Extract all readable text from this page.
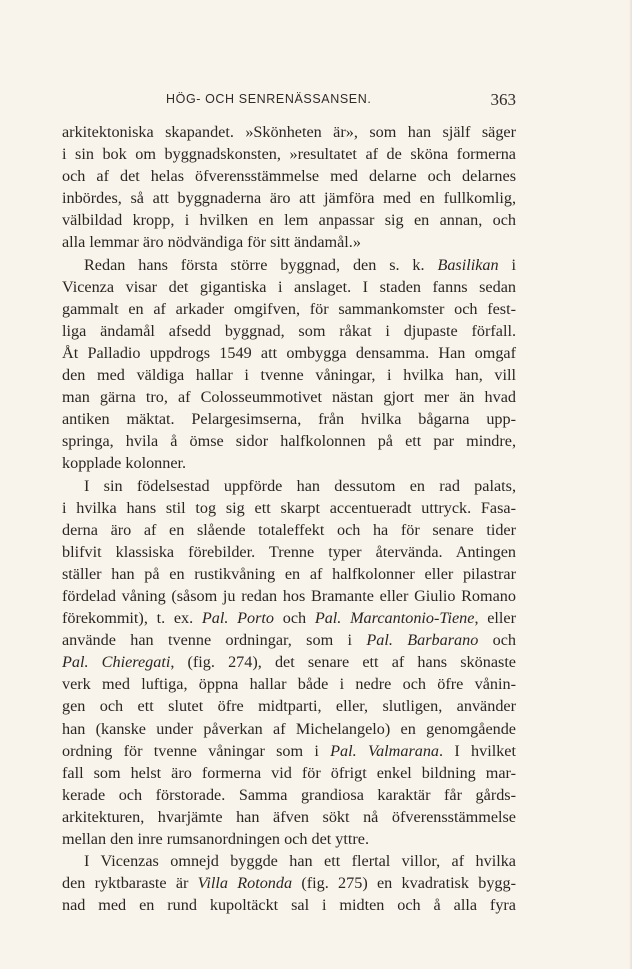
HÖG- OCH SENRENÄSSANSEN.	363
arkitektoniska skapandet. »Skönheten är», som han själf säger
i sin bok om byggnadskonsten, »resultatet af de sköna formerna
och af det helas öfverensstämmelse med delarne och delarnes
inbördes, så att byggnaderna äro att jämföra med en fullkomlig,
välbildad kropp, i hvilken en lem anpassar sig en annan, och
alla lemmar äro nödvändiga för sitt ändamål.»
Redan hans första större byggnad, den s. k. Basilikan i
Vicenza visar det gigantiska i anslaget. I staden fanns sedan
gammalt en af arkader omgifven, för sammankomster och fest-
liga ändamål afsedd byggnad, som råkat i djupaste förfall.
Åt Palladio uppdrogs 1549 att ombygga densamma. Han omgaf
den med väldiga hallar i tvenne våningar, i hvilka han, vill
man gärna tro, af Colosseummotivet nästan gjort mer än hvad
antiken mäktat. Pelargesimserna, från hvilka bågarna upp-
springa, hvila å ömse sidor halfkolonnen på ett par mindre,
kopplade kolonner.
I sin födelsestad uppförde han dessutom en rad palats,
i hvilka hans stil tog sig ett skarpt accentueradt uttryck. Fasa-
derna äro af en slående totaleffekt och ha för senare tider
blifvit klassiska förebilder. Trenne typer återvända. Antingen
ställer han på en rustikvåning en af halfkolonner eller pilastrar
fördelad våning (såsom ju redan hos Bramante eller Giulio Romano
förekommit), t. ex. Pal. Porto och Pal. Marcantonio-Tiene, eller
använde han tvenne ordningar, som i Pal. Barbarano och
Pal. Chieregati, (fig. 274), det senare ett af hans skönaste
verk med luftiga, öppna hallar både i nedre och öfre vånin-
gen och ett slutet öfre midtparti, eller, slutligen, använder
han (kanske under påverkan af Michelangelo) en genomgående
ordning för tvenne våningar som i Pal. Valmarana. I hvilket
fall som helst äro formerna vid för öfrigt enkel bildning mar-
kerade och förstorade. Samma grandiosa karaktär får gårds-
arkitekturen, hvarjämte han äfven sökt nå öfverensstämmelse
mellan den inre rumsanordningen och det yttre.
I Vicenzas omnejd byggde han ett flertal villor, af hvilka
den ryktbaraste är Villa Rotonda (fig. 275) en kvadratisk bygg-
nad med en rund kupoltäckt sal i midten och å alla fyra
